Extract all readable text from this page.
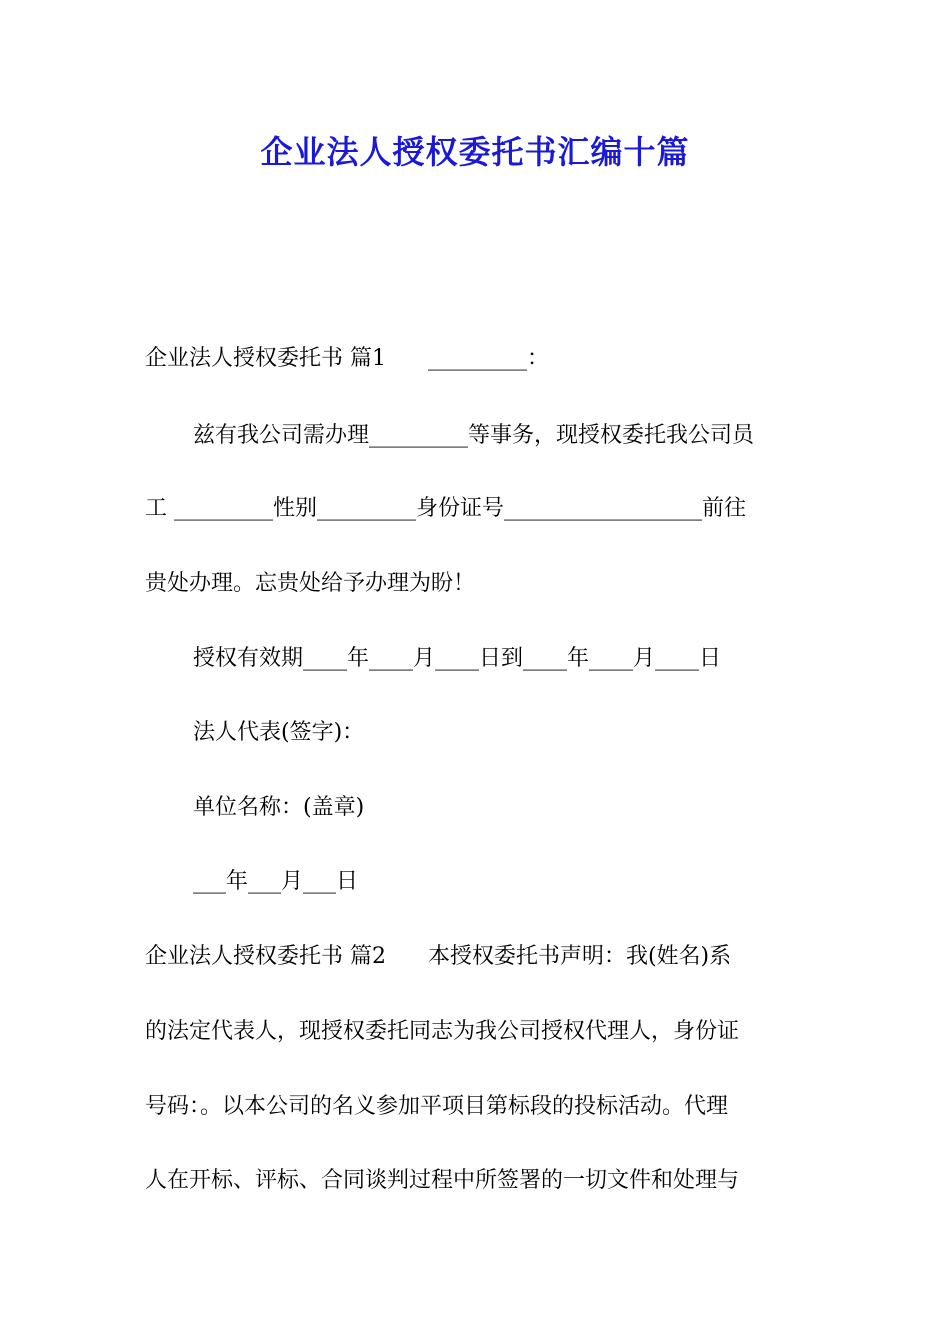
企业法人授权委托书汇编十篇
企业法人授权委托书 篇1      _________：
兹有我公司需办理_________等事务，现授权委托我公司员
工 _________性别_________身份证号__________________前往
贵处办理。忘贵处给予办理为盼！
授权有效期____年____月____日到____年____月____日
法人代表(签字)：
单位名称：(盖章)
___年___月___日
企业法人授权委托书 篇2      本授权委托书声明：我(姓名)系
的法定代表人，现授权委托同志为我公司授权代理人，身份证
号码：。以本公司的名义参加平项目第标段的投标活动。代理
人在开标、评标、合同谈判过程中所签署的一切文件和处理与
